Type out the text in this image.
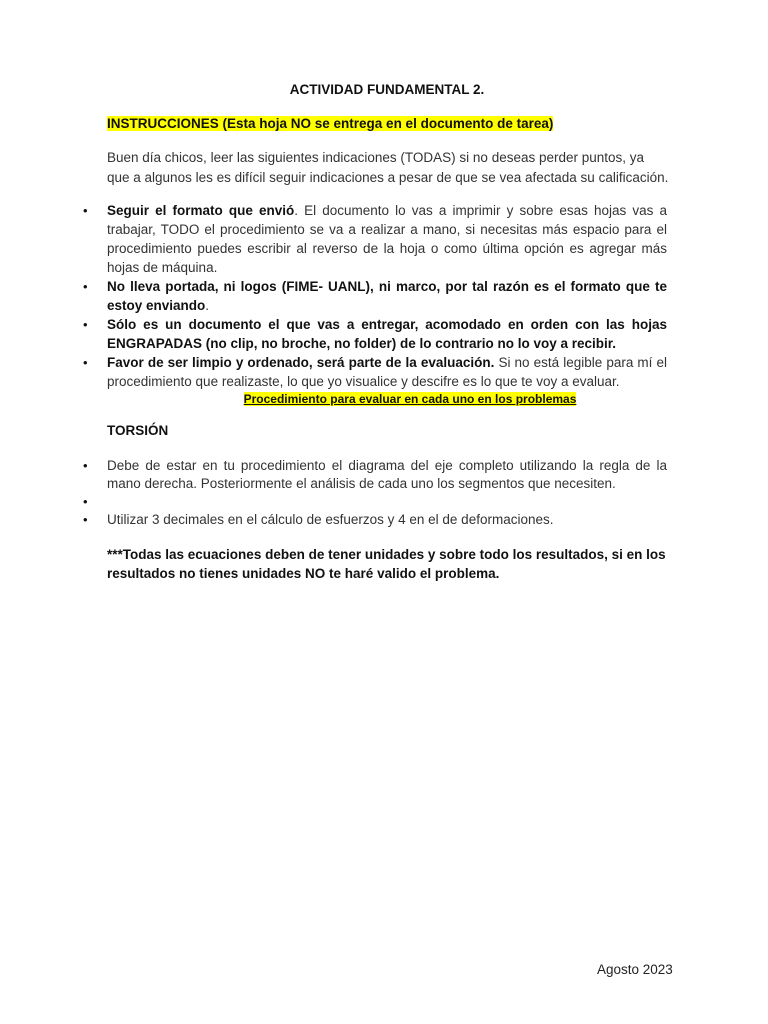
ACTIVIDAD FUNDAMENTAL 2.
INSTRUCCIONES (Esta hoja NO se entrega en el documento de tarea)
Buen día chicos, leer las siguientes indicaciones (TODAS) si no deseas perder puntos, ya que a algunos les es difícil seguir indicaciones a pesar de que se vea afectada su calificación.
• Seguir el formato que envió. El documento lo vas a imprimir y sobre esas hojas vas a trabajar, TODO el procedimiento se va a realizar a mano, si necesitas más espacio para el procedimiento puedes escribir al reverso de la hoja o como última opción es agregar más hojas de máquina.
• No lleva portada, ni logos (FIME- UANL), ni marco, por tal razón es el formato que te estoy enviando.
• Sólo es un documento el que vas a entregar, acomodado en orden con las hojas ENGRAPADAS (no clip, no broche, no folder) de lo contrario no lo voy a recibir.
• Favor de ser limpio y ordenado, será parte de la evaluación. Si no está legible para mí el procedimiento que realizaste, lo que yo visualice y descifre es lo que te voy a evaluar.
Procedimiento para evaluar en cada uno en los problemas
TORSIÓN
• Debe de estar en tu procedimiento el diagrama del eje completo utilizando la regla de la mano derecha. Posteriormente el análisis de cada uno los segmentos que necesiten.
•
• Utilizar 3 decimales en el cálculo de esfuerzos y 4 en el de deformaciones.
***Todas las ecuaciones deben de tener unidades y sobre todo los resultados, si en los resultados no tienes unidades NO te haré valido el problema.
Agosto 2023
